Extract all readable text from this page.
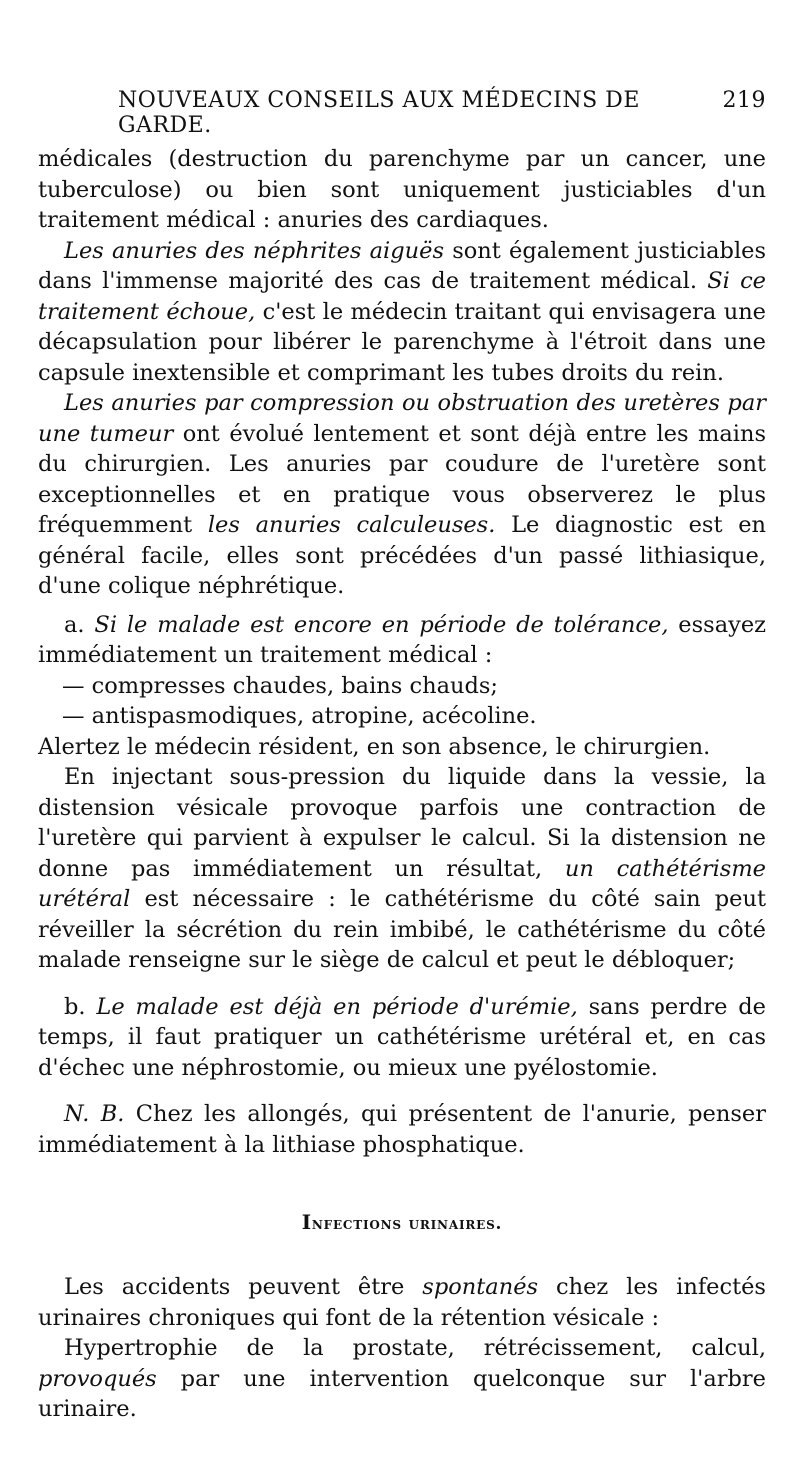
NOUVEAUX CONSEILS AUX MÉDECINS DE GARDE.
219

médicales (destruction du parenchyme par un cancer, une tuberculose) ou bien sont uniquement justiciables d'un traitement médical : anuries des cardiaques.

Les anuries des néphrites aiguës sont également justiciables dans l'immense majorité des cas de traitement médical. Si ce traitement échoue, c'est le médecin traitant qui envisagera une décapsulation pour libérer le parenchyme à l'étroit dans une capsule inextensible et comprimant les tubes droits du rein.

Les anuries par compression ou obstruation des uretères par une tumeur ont évolué lentement et sont déjà entre les mains du chirurgien. Les anuries par coudure de l'uretère sont exceptionnelles et en pratique vous observerez le plus fréquemment les anuries calculeuses. Le diagnostic est en général facile, elles sont précédées d'un passé lithiasique, d'une colique néphrétique.

a. Si le malade est encore en période de tolérance, essayez immédiatement un traitement médical :

— compresses chaudes, bains chauds;

— antispasmodiques, atropine, acécoline.

Alertez le médecin résident, en son absence, le chirurgien.

En injectant sous-pression du liquide dans la vessie, la distension vésicale provoque parfois une contraction de l'uretère qui parvient à expulser le calcul. Si la distension ne donne pas immédiatement un résultat, un cathétérisme urétéral est nécessaire : le cathétérisme du côté sain peut réveiller la sécrétion du rein imbibé, le cathétérisme du côté malade renseigne sur le siège de calcul et peut le débloquer;

b. Le malade est déjà en période d'urémie, sans perdre de temps, il faut pratiquer un cathétérisme urétéral et, en cas d'échec une néphrostomie, ou mieux une pyélostomie.

N. B. Chez les allongés, qui présentent de l'anurie, penser immédiatement à la lithiase phosphatique.

Infections urinaires.

Les accidents peuvent être spontanés chez les infectés urinaires chroniques qui font de la rétention vésicale :

Hypertrophie de la prostate, rétrécissement, calcul, provoqués par une intervention quelconque sur l'arbre urinaire.
